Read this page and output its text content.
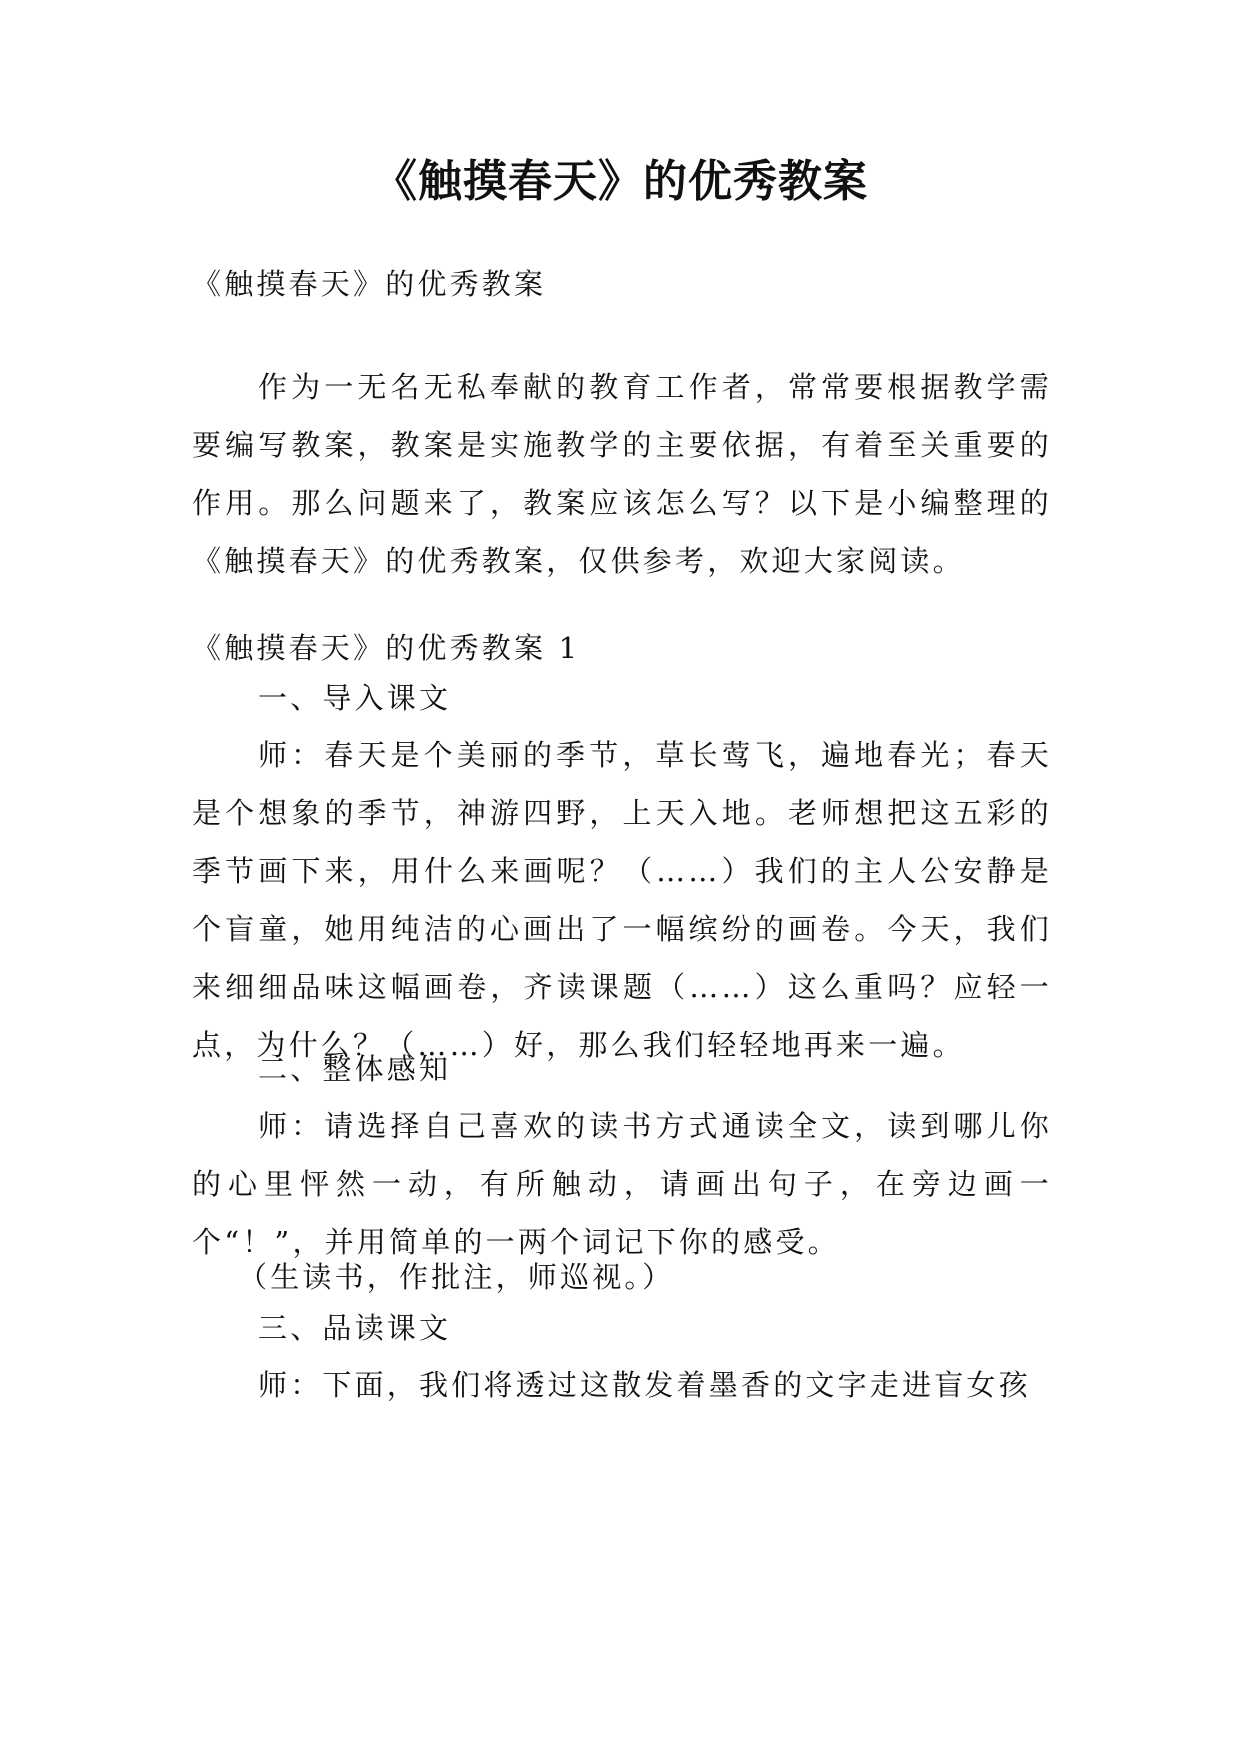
《触摸春天》的优秀教案

《触摸春天》的优秀教案

作为一无名无私奉献的教育工作者，常常要根据教学需要编写教案，教案是实施教学的主要依据，有着至关重要的作用。那么问题来了，教案应该怎么写？以下是小编整理的《触摸春天》的优秀教案，仅供参考，欢迎大家阅读。

《触摸春天》的优秀教案 1

一、导入课文

师：春天是个美丽的季节，草长莺飞，遍地春光；春天是个想象的季节，神游四野，上天入地。老师想把这五彩的季节画下来，用什么来画呢？（……）我们的主人公安静是个盲童，她用纯洁的心画出了一幅缤纷的画卷。今天，我们来细细品味这幅画卷，齐读课题（……）这么重吗？应轻一点，为什么？（……）好，那么我们轻轻地再来一遍。

二、整体感知

师：请选择自己喜欢的读书方式通读全文，读到哪儿你的心里怦然一动，有所触动，请画出句子，在旁边画一个“！”，并用简单的一两个词记下你的感受。

（生读书，作批注，师巡视。）

三、品读课文

师：下面，我们将透过这散发着墨香的文字走进盲女孩
